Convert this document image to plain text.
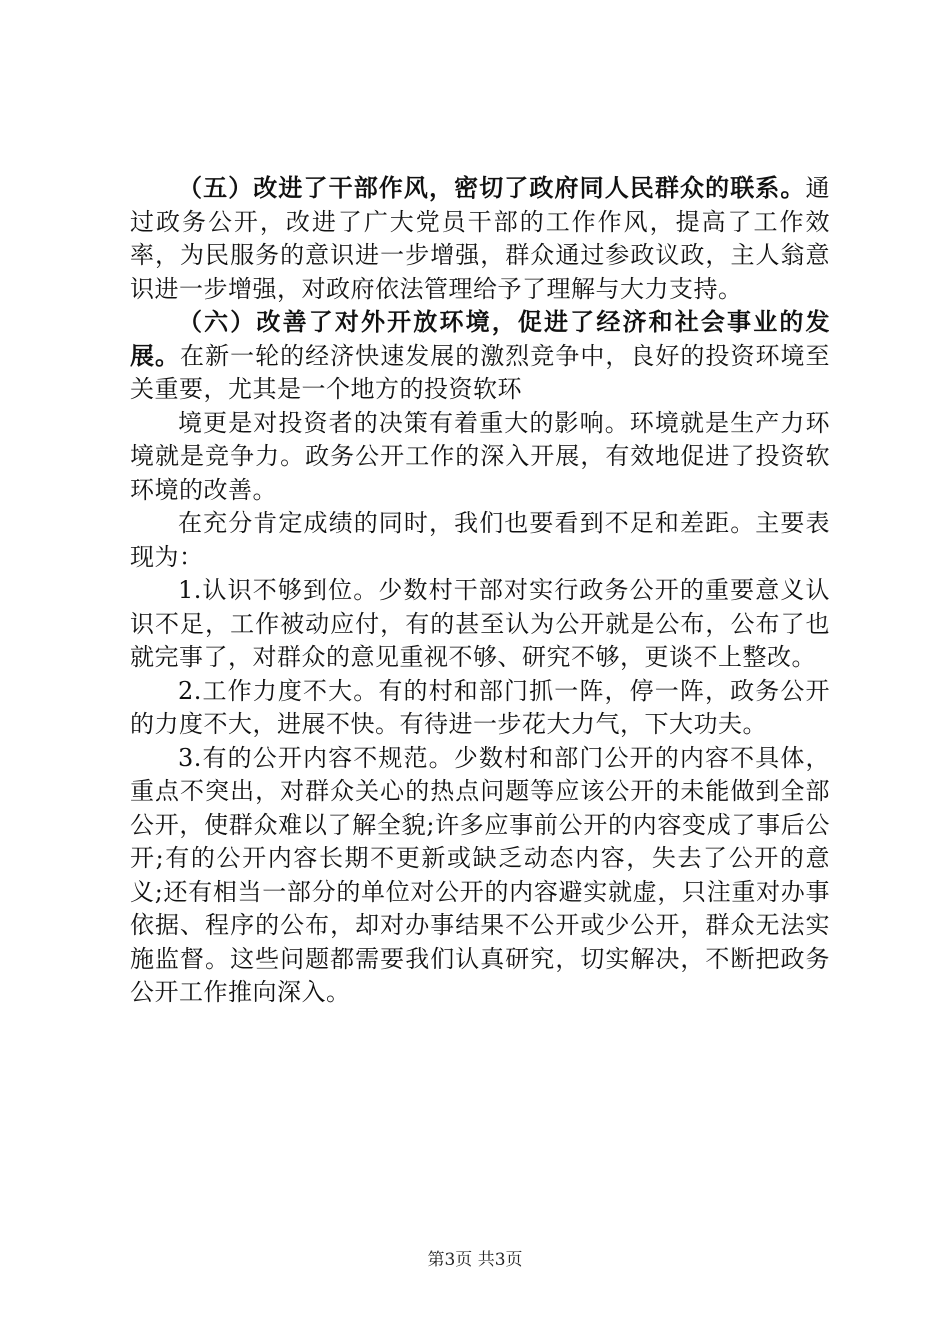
（五）改进了干部作风，密切了政府同人民群众的联系。通过政务公开，改进了广大党员干部的工作作风，提高了工作效率，为民服务的意识进一步增强，群众通过参政议政，主人翁意识进一步增强，对政府依法管理给予了理解与大力支持。

（六）改善了对外开放环境，促进了经济和社会事业的发展。在新一轮的经济快速发展的激烈竞争中，良好的投资环境至关重要，尤其是一个地方的投资软环

境更是对投资者的决策有着重大的影响。环境就是生产力环境就是竞争力。政务公开工作的深入开展，有效地促进了投资软环境的改善。

在充分肯定成绩的同时，我们也要看到不足和差距。主要表现为：

1.认识不够到位。少数村干部对实行政务公开的重要意义认识不足，工作被动应付，有的甚至认为公开就是公布，公布了也就完事了，对群众的意见重视不够、研究不够，更谈不上整改。

2.工作力度不大。有的村和部门抓一阵，停一阵，政务公开的力度不大，进展不快。有待进一步花大力气，下大功夫。

3.有的公开内容不规范。少数村和部门公开的内容不具体，重点不突出，对群众关心的热点问题等应该公开的未能做到全部公开，使群众难以了解全貌;许多应事前公开的内容变成了事后公开;有的公开内容长期不更新或缺乏动态内容，失去了公开的意义;还有相当一部分的单位对公开的内容避实就虚，只注重对办事依据、程序的公布，却对办事结果不公开或少公开，群众无法实施监督。这些问题都需要我们认真研究，切实解决，不断把政务公开工作推向深入。

第3页 共3页
